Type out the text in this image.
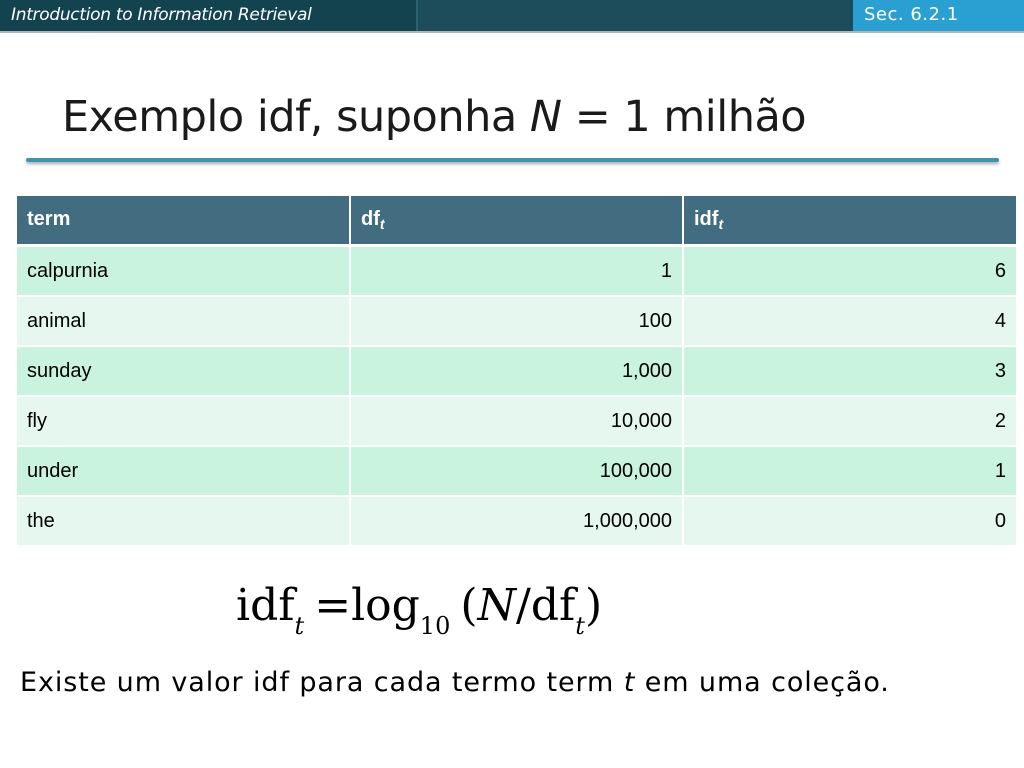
Introduction to Information Retrieval	Sec. 6.2.1
Exemplo idf, suponha N = 1 milhão
term	$df_t$	idf$_t$
calpurnia	1	6
animal	100	4
sunday	1,000	3
fly	10,000	2
under	100,000	1
the	1,000,000	0
$idf_t =\log_{10}$ $(N/df_t)$
Existe um valor idf para cada termo term t em uma coleção.
